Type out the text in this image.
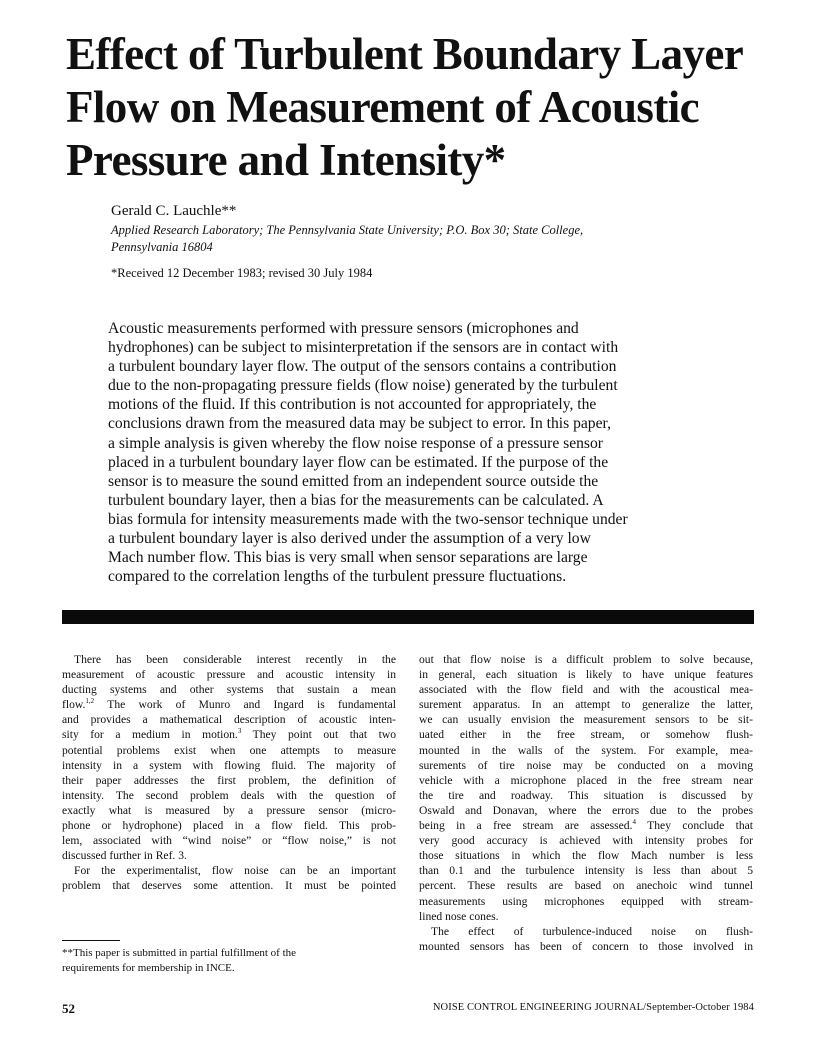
Effect of Turbulent Boundary Layer
Flow on Measurement of Acoustic
Pressure and Intensity*
Gerald C. Lauchle**
Applied Research Laboratory; The Pennsylvania State University; P.O. Box 30; State College,
Pennsylvania 16804
*Received 12 December 1983; revised 30 July 1984
Acoustic measurements performed with pressure sensors (microphones and
hydrophones) can be subject to misinterpretation if the sensors are in contact with
a turbulent boundary layer flow. The output of the sensors contains a contribution
due to the non-propagating pressure fields (flow noise) generated by the turbulent
motions of the fluid. If this contribution is not accounted for appropriately, the
conclusions drawn from the measured data may be subject to error. In this paper,
a simple analysis is given whereby the flow noise response of a pressure sensor
placed in a turbulent boundary layer flow can be estimated. If the purpose of the
sensor is to measure the sound emitted from an independent source outside the
turbulent boundary layer, then a bias for the measurements can be calculated. A
bias formula for intensity measurements made with the two-sensor technique under
a turbulent boundary layer is also derived under the assumption of a very low
Mach number flow. This bias is very small when sensor separations are large
compared to the correlation lengths of the turbulent pressure fluctuations.
There has been considerable interest recently in the
measurement of acoustic pressure and acoustic intensity in
ducting systems and other systems that sustain a mean
flow.$^{1,2}$ The work of Munro and Ingard is fundamental
and provides a mathematical description of acoustic inten-
sity for a medium in motion.$^3$ They point out that two
potential problems exist when one attempts to measure
intensity in a system with flowing fluid. The majority of
their paper addresses the first problem, the definition of
intensity. The second problem deals with the question of
exactly what is measured by a pressure sensor (micro-
phone or hydrophone) placed in a flow field. This prob-
lem, associated with “wind noise” or “flow noise,” is not
discussed further in Ref. 3.
For the experimentalist, flow noise can be an important
problem that deserves some attention. It must be pointed
**This paper is submitted in partial fulfillment of the
requirements for membership in INCE.
out that flow noise is a difficult problem to solve because,
in general, each situation is likely to have unique features
associated with the flow field and with the acoustical mea-
surement apparatus. In an attempt to generalize the latter,
we can usually envision the measurement sensors to be sit-
uated either in the free stream, or somehow flush-
mounted in the walls of the system. For example, mea-
surements of tire noise may be conducted on a moving
vehicle with a microphone placed in the free stream near
the tire and roadway. This situation is discussed by
Oswald and Donavan, where the errors due to the probes
being in a free stream are assessed.$^4$ They conclude that
very good accuracy is achieved with intensity probes for
those situations in which the flow Mach number is less
than 0.1 and the turbulence intensity is less than about 5
percent. These results are based on anechoic wind tunnel
measurements using microphones equipped with stream-
lined nose cones.
The effect of turbulence-induced noise on flush-
mounted sensors has been of concern to those involved in
52	NOISE CONTROL ENGINEERING JOURNAL/September-October 1984
